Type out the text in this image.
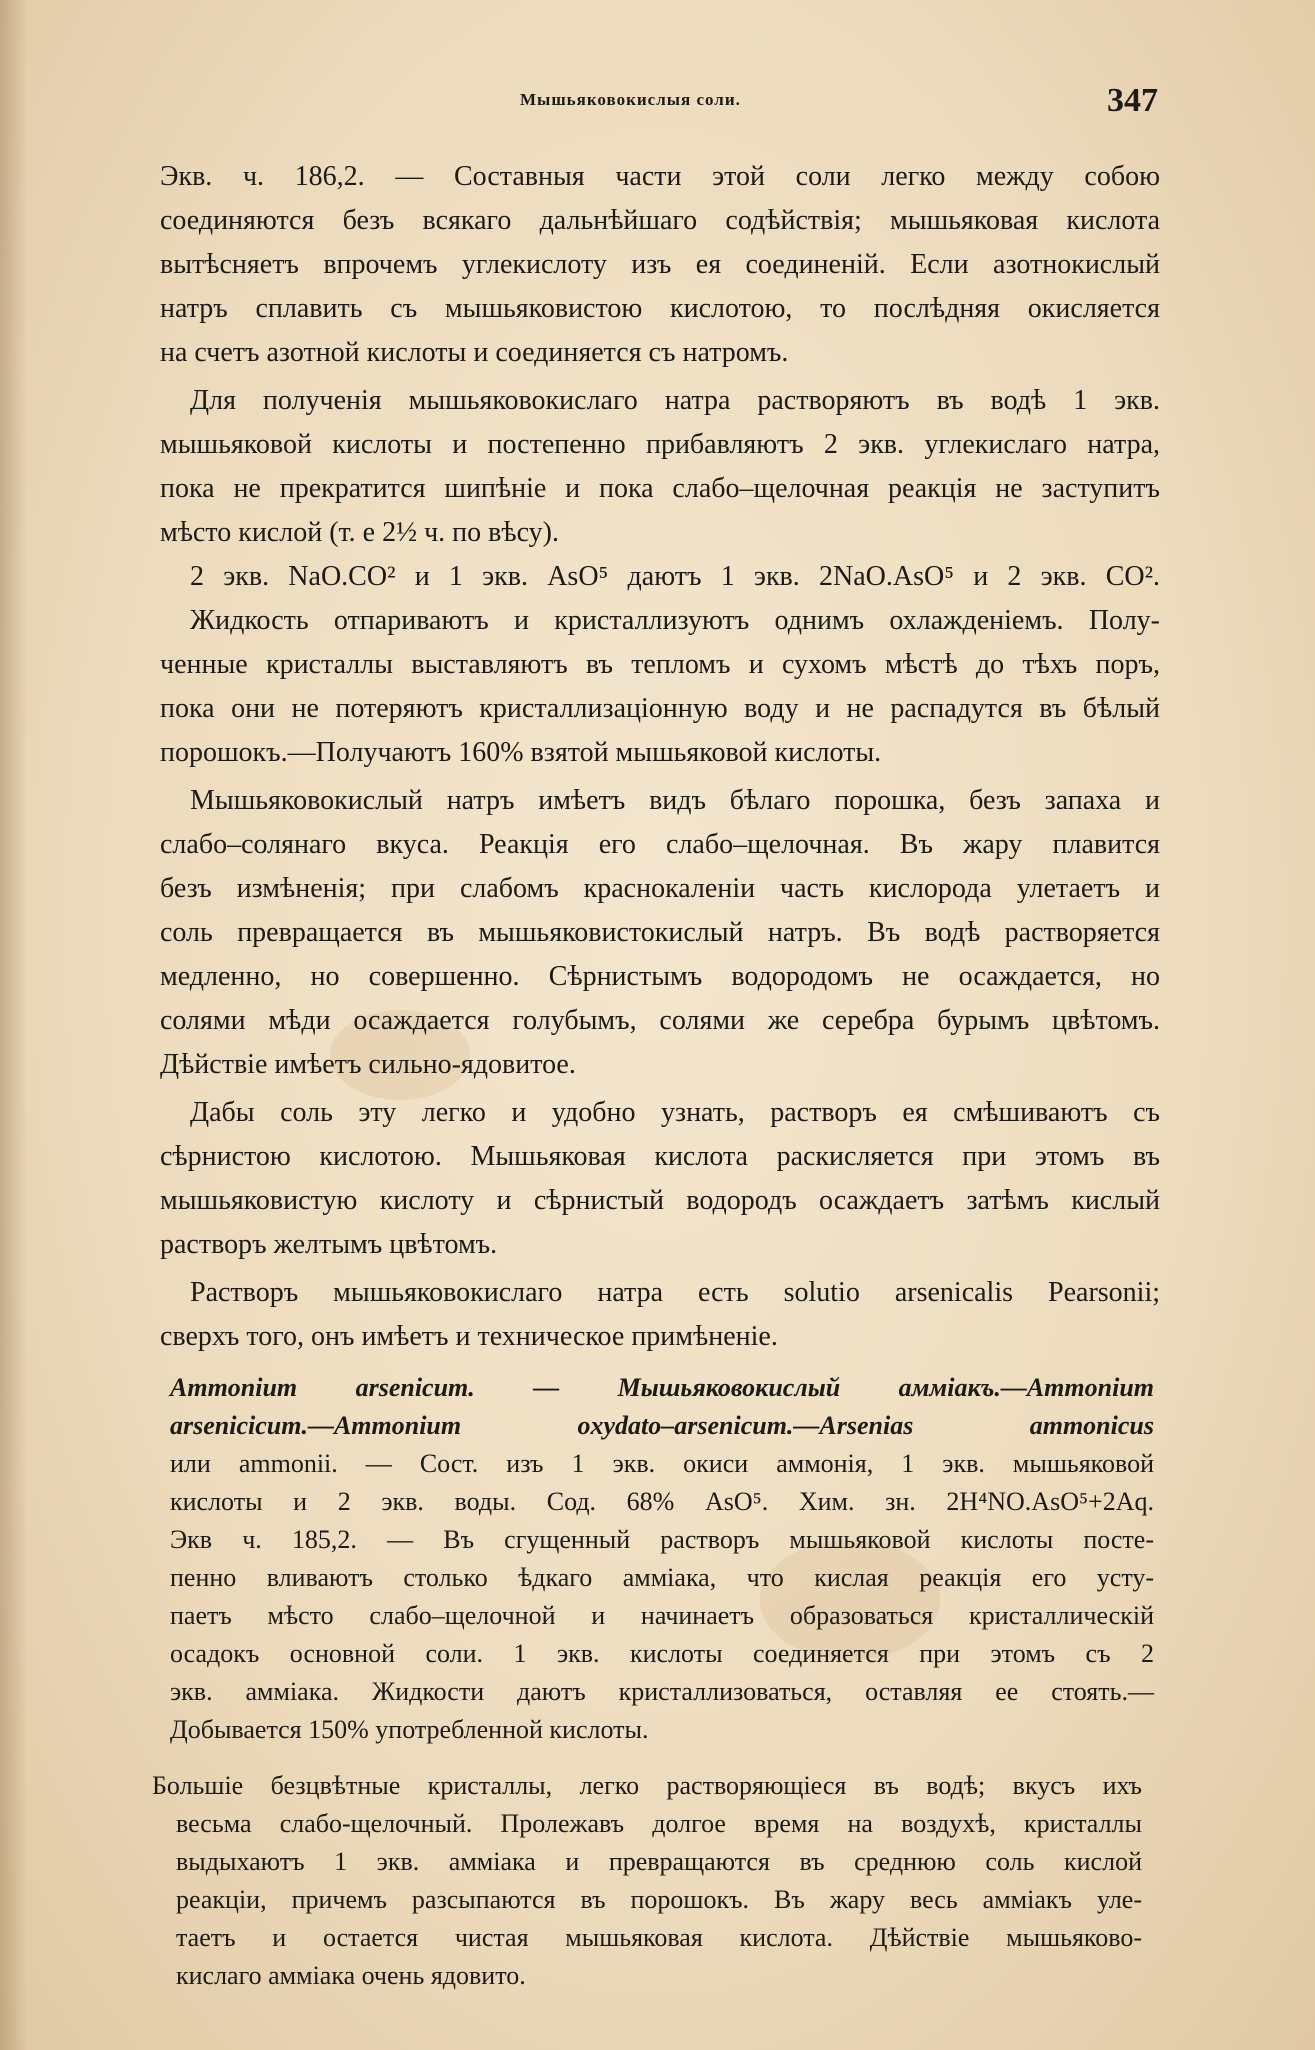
Мышьяковокислыя соли.	347
Экв. ч. 186,2. — Составныя части этой соли легко между собою
соединяются безъ всякаго дальнѣйшаго содѣйствія; мышьяковая кислота
вытѣсняетъ впрочемъ углекислоту изъ ея соединеній. Если азотнокислый
натръ сплавить съ мышьяковистою кислотою, то послѣдняя окисляется
на счетъ азотной кислоты и соединяется съ натромъ.
Для полученія мышьяковокислаго натра растворяютъ въ водѣ 1 экв.
мышьяковой кислоты и постепенно прибавляютъ 2 экв. углекислаго натра,
пока не прекратится шипѣніе и пока слабо–щелочная реакція не заступитъ
мѣсто кислой (т. е 2½ ч. по вѣсу).
2 экв. NaO.CO² и 1 экв. AsO⁵ даютъ 1 экв. 2NaO.AsO⁵ и 2 экв. CO².
Жидкость отпариваютъ и кристаллизуютъ однимъ охлажденіемъ. Полу-
ченные кристаллы выставляютъ въ тепломъ и сухомъ мѣстѣ до тѣхъ поръ,
пока они не потеряютъ кристаллизаціонную воду и не распадутся въ бѣлый
порошокъ.—Получаютъ 160% взятой мышьяковой кислоты.
Мышьяковокислый натръ имѣетъ видъ бѣлаго порошка, безъ запаха и
слабо–солянаго вкуса. Реакція его слабо–щелочная. Въ жару плавится
безъ измѣненія; при слабомъ краснокаленіи часть кислорода улетаетъ и
соль превращается въ мышьяковистокислый натръ. Въ водѣ растворяется
медленно, но совершенно. Сѣрнистымъ водородомъ не осаждается, но
солями мѣди осаждается голубымъ, солями же серебра бурымъ цвѣтомъ.
Дѣйствіе имѣетъ сильно-ядовитое.
Дабы соль эту легко и удобно узнать, растворъ ея смѣшиваютъ съ
сѣрнистою кислотою. Мышьяковая кислота раскисляется при этомъ въ
мышьяковистую кислоту и сѣрнистый водородъ осаждаетъ затѣмъ кислый
растворъ желтымъ цвѣтомъ.
Растворъ мышьяковокислаго натра есть solutio arsenicalis Pearsonii;
сверхъ того, онъ имѣетъ и техническое примѣненіе.
Ammonium arsenicum. — Мышьяковокислый аммiакъ.—Ammonium
arsenicicum.—Ammonium oxydato–arsenicum.—Arsenias ammonicus
или ammonii. — Сост. изъ 1 экв. окиси аммонія, 1 экв. мышьяковой
кислоты и 2 экв. воды. Сод. 68% AsO⁵. Хим. зн. 2H⁴NO.AsO⁵+2Aq.
Экв ч. 185,2. — Въ сгущенный растворъ мышьяковой кислоты посте-
пенно вливаютъ столько ѣдкаго амміака, что кислая реакція его усту-
паетъ мѣсто слабо–щелочной и начинаетъ образоваться кристаллическій
осадокъ основной соли. 1 экв. кислоты соединяется при этомъ съ 2
экв. амміака. Жидкости даютъ кристаллизоваться, оставляя ее стоять.—
Добывается 150% употребленной кислоты.
Большіе безцвѣтные кристаллы, легко растворяющіеся въ водѣ; вкусъ ихъ
весьма слабо-щелочный. Пролежавъ долгое время на воздухѣ, кристаллы
выдыхаютъ 1 экв. амміака и превращаются въ среднюю соль кислой
реакціи, причемъ разсыпаются въ порошокъ. Въ жару весь амміакъ уле-
таетъ и остается чистая мышьяковая кислота. Дѣйствіе мышьяково-
кислаго амміака очень ядовито.
